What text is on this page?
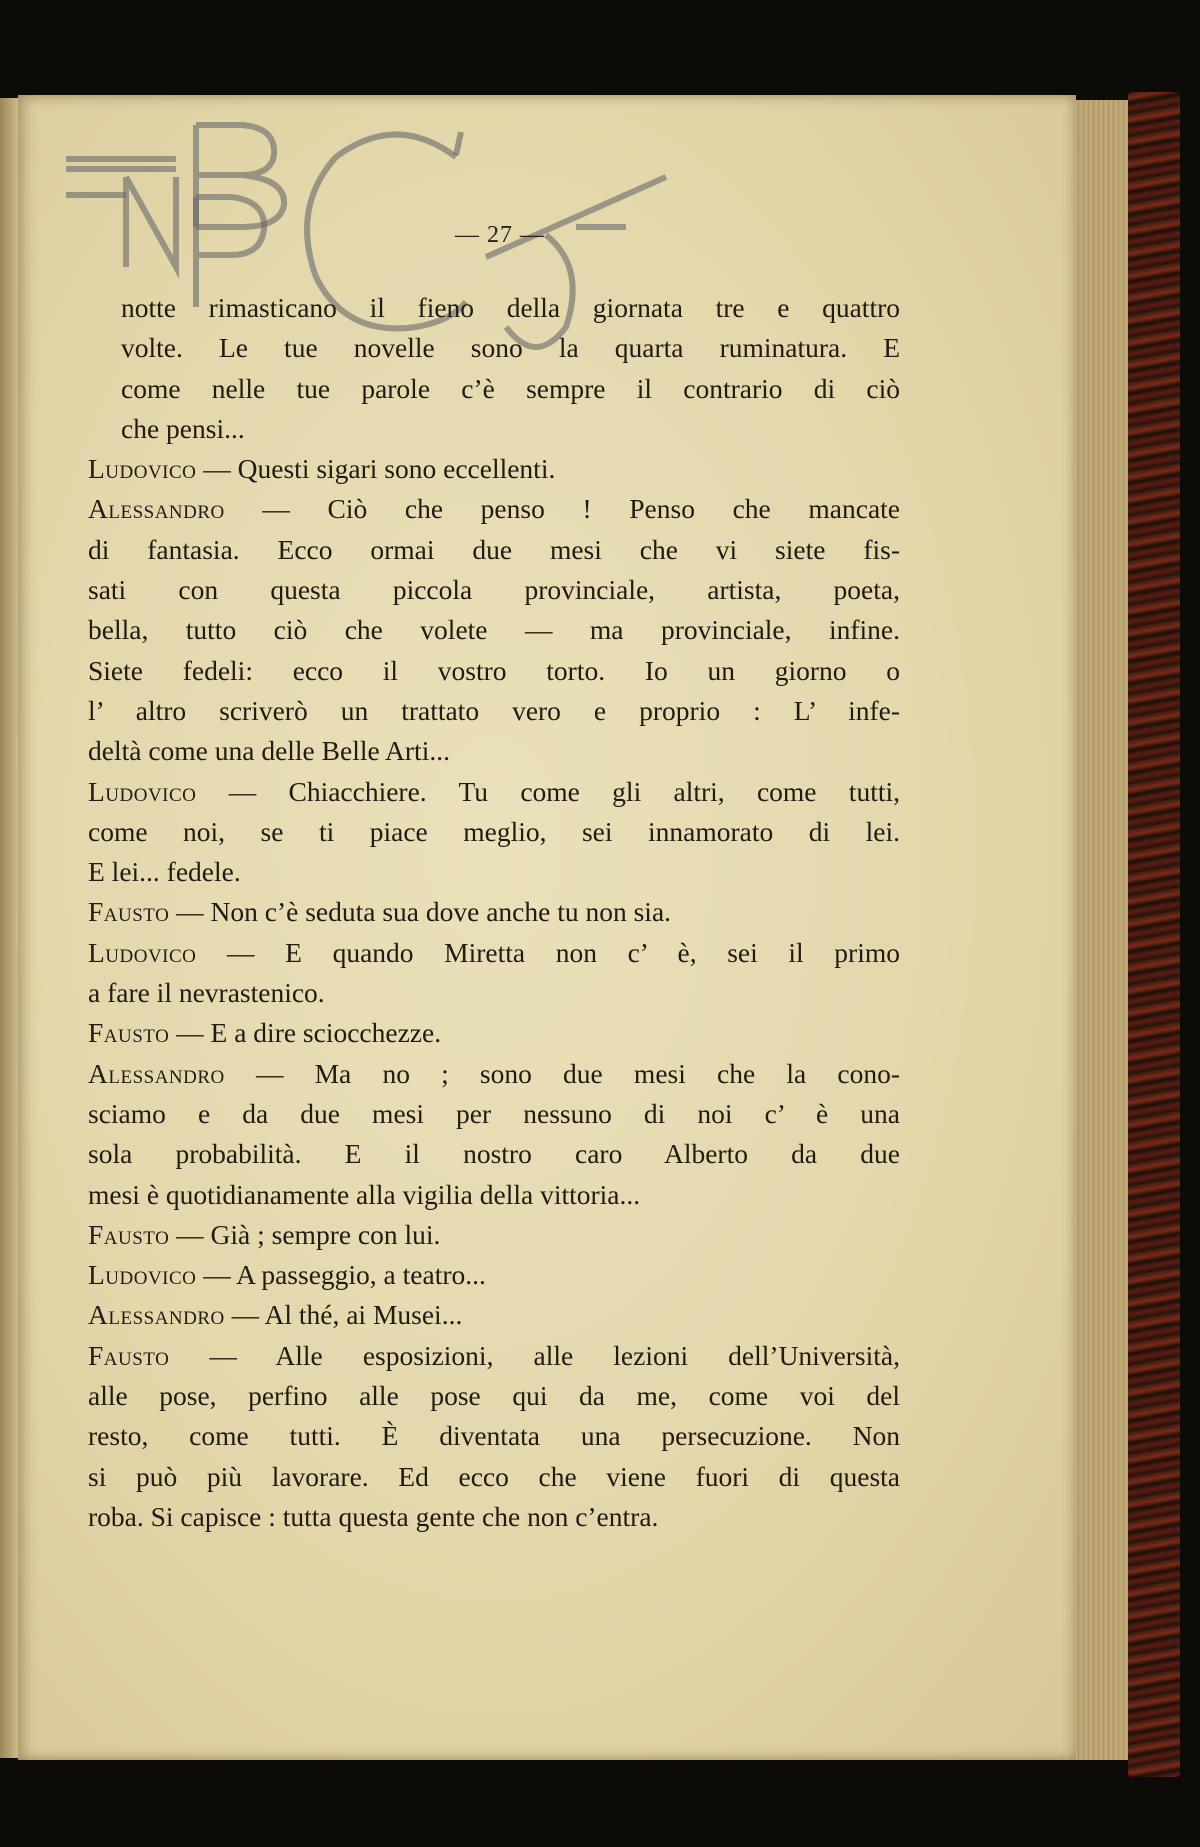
— 27 —
notte rimasticano il fieno della giornata tre e quattro
volte. Le tue novelle sono la quarta ruminatura. E
come nelle tue parole c’è sempre il contrario di ciò
che pensi...
Ludovico — Questi sigari sono eccellenti.
Alessandro — Ciò che penso ! Penso che mancate
di fantasia. Ecco ormai due mesi che vi siete fis-
sati con questa piccola provinciale, artista, poeta,
bella, tutto ciò che volete — ma provinciale, infine.
Siete fedeli: ecco il vostro torto. Io un giorno o
l’ altro scriverò un trattato vero e proprio : L’ infe-
deltà come una delle Belle Arti...
Ludovico — Chiacchiere. Tu come gli altri, come tutti,
come noi, se ti piace meglio, sei innamorato di lei.
E lei... fedele.
Fausto — Non c’è seduta sua dove anche tu non sia.
Ludovico — E quando Miretta non c’ è, sei il primo
a fare il nevrastenico.
Fausto — E a dire sciocchezze.
Alessandro — Ma no ; sono due mesi che la cono-
sciamo e da due mesi per nessuno di noi c’ è una
sola probabilità. E il nostro caro Alberto da due
mesi è quotidianamente alla vigilia della vittoria...
Fausto — Già ; sempre con lui.
Ludovico — A passeggio, a teatro...
Alessandro — Al thé, ai Musei...
Fausto — Alle esposizioni, alle lezioni dell’Università,
alle pose, perfino alle pose qui da me, come voi del
resto, come tutti. È diventata una persecuzione. Non
si può più lavorare. Ed ecco che viene fuori di questa
roba. Si capisce : tutta questa gente che non c’entra.
